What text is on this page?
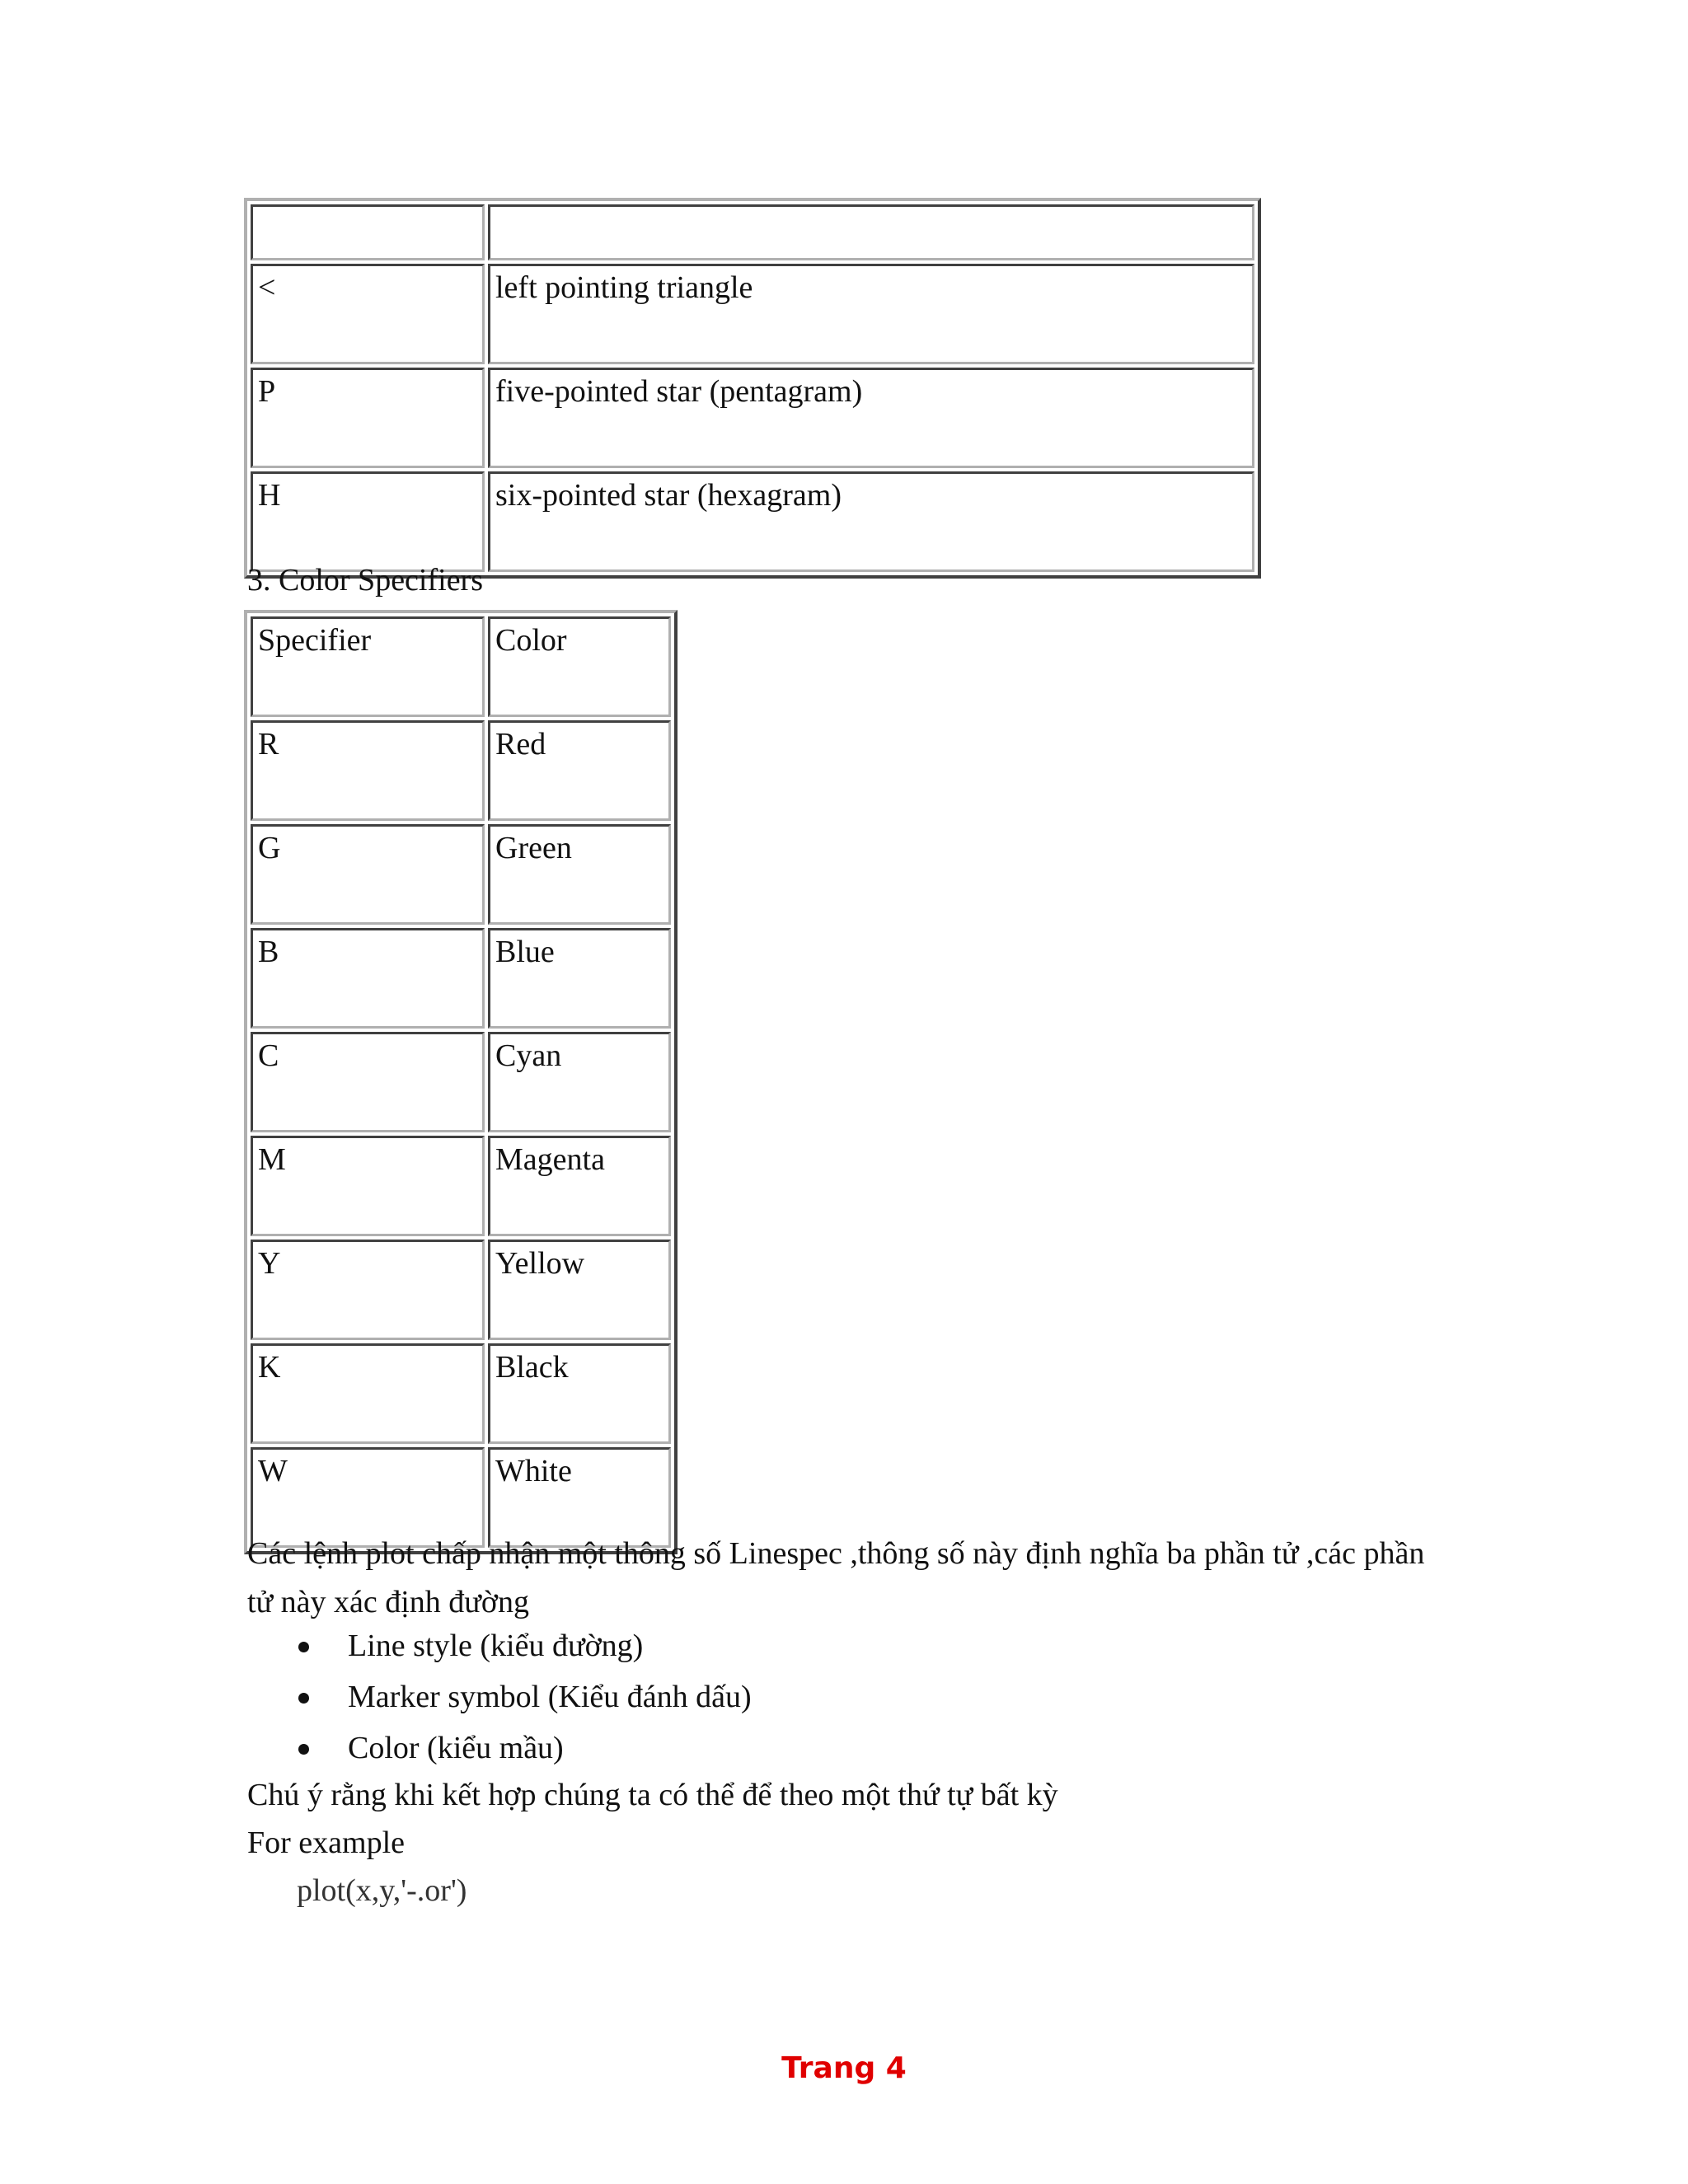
<	left pointing triangle
P	five-pointed star (pentagram)
H	six-pointed star (hexagram)
3. Color Specifiers
Specifier	Color
R	Red
G	Green
B	Blue
C	Cyan
M	Magenta
Y	Yellow
K	Black
W	White
Các lệnh plot chấp nhận một thông số Linespec ,thông số này định nghĩa ba phần tử ,các phần tử này xác định đường
Line style (kiểu đường)
Marker symbol (Kiểu đánh dấu)
Color (kiểu mầu)
Chú ý rằng khi kết hợp chúng ta có thể để theo một thứ tự bất kỳ
For example
plot(x,y,'-.or')
Trang 4
